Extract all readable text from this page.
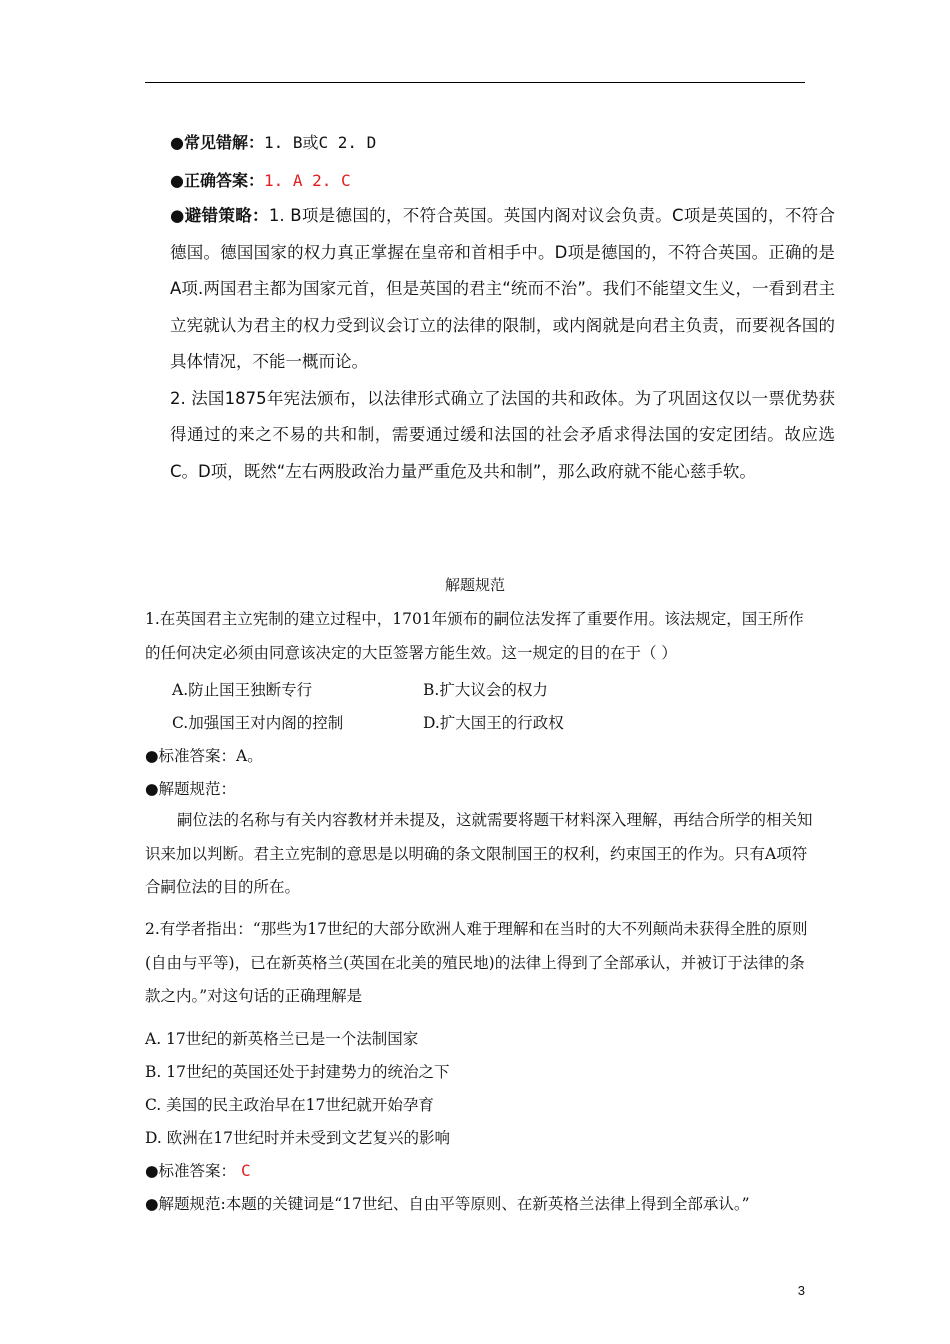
●常见错解：1. B或C 2. D
●正确答案：1. A 2. C

●避错策略：1. B项是德国的，不符合英国。英国内阁对议会负责。C项是英国的，不符合德国。德国国家的权力真正掌握在皇帝和首相手中。D项是德国的，不符合英国。正确的是A项.两国君主都为国家元首，但是英国的君主“统而不治”。我们不能望文生义，一看到君主立宪就认为君主的权力受到议会订立的法律的限制，或内阁就是向君主负责，而要视各国的具体情况，不能一概而论。

2. 法国1875年宪法颁布，以法律形式确立了法国的共和政体。为了巩固这仅以一票优势获得通过的来之不易的共和制，需要通过缓和法国的社会矛盾求得法国的安定团结。故应选C。D项，既然“左右两股政治力量严重危及共和制”，那么政府就不能心慈手软。

解题规范
1.在英国君主立宪制的建立过程中，1701年颁布的嗣位法发挥了重要作用。该法规定，国王所作的任何决定必须由同意该决定的大臣签署方能生效。这一规定的目的在于（ ）
A.防止国王独断专行	B.扩大议会的权力
C.加强国王对内阁的控制	D.扩大国王的行政权
●标准答案：A。
●解题规范：
嗣位法的名称与有关内容教材并未提及，这就需要将题干材料深入理解，再结合所学的相关知识来加以判断。君主立宪制的意思是以明确的条文限制国王的权利，约束国王的作为。只有A项符合嗣位法的目的所在。
2.有学者指出：“那些为17世纪的大部分欧洲人难于理解和在当时的大不列颠尚未获得全胜的原则(自由与平等)，已在新英格兰(英国在北美的殖民地)的法律上得到了全部承认，并被订于法律的条款之内。”对这句话的正确理解是
A. 17世纪的新英格兰已是一个法制国家
B. 17世纪的英国还处于封建势力的统治之下
C. 美国的民主政治早在17世纪就开始孕育
D. 欧洲在17世纪时并未受到文艺复兴的影响
●标准答案： C
●解题规范:本题的关键词是“17世纪、自由平等原则、在新英格兰法律上得到全部承认。”
3
